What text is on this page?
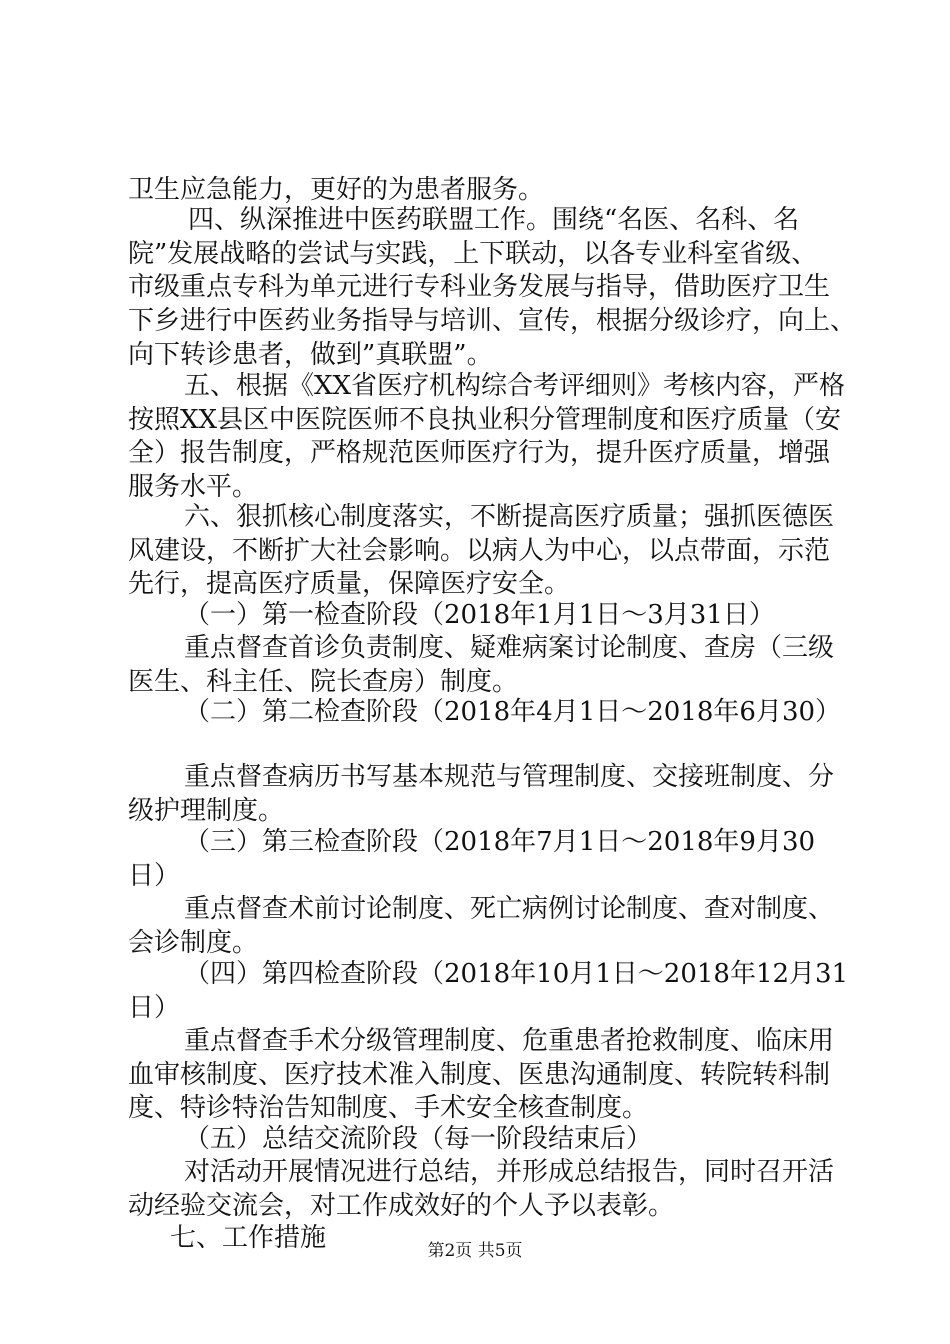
卫生应急能力，更好的为患者服务。
四、纵深推进中医药联盟工作。围绕“名医、名科、名
院”发展战略的尝试与实践，上下联动，以各专业科室省级、
市级重点专科为单元进行专科业务发展与指导，借助医疗卫生
下乡进行中医药业务指导与培训、宣传，根据分级诊疗，向上、
向下转诊患者，做到”真联盟”。
五、根据《XX省医疗机构综合考评细则》考核内容，严格
按照XX县区中医院医师不良执业积分管理制度和医疗质量（安
全）报告制度，严格规范医师医疗行为，提升医疗质量，增强
服务水平。
六、狠抓核心制度落实，不断提高医疗质量；强抓医德医
风建设，不断扩大社会影响。以病人为中心，以点带面，示范
先行，提高医疗质量，保障医疗安全。
（一）第一检查阶段（2018年1月1日～3月31日）
重点督查首诊负责制度、疑难病案讨论制度、查房（三级
医生、科主任、院长查房）制度。
（二）第二检查阶段（2018年4月1日～2018年6月30）
重点督查病历书写基本规范与管理制度、交接班制度、分
级护理制度。
（三）第三检查阶段（2018年7月1日～2018年9月30
日）
重点督查术前讨论制度、死亡病例讨论制度、查对制度、
会诊制度。
（四）第四检查阶段（2018年10月1日～2018年12月31
日）
重点督查手术分级管理制度、危重患者抢救制度、临床用
血审核制度、医疗技术准入制度、医患沟通制度、转院转科制
度、特诊特治告知制度、手术安全核查制度。
（五）总结交流阶段（每一阶段结束后）
对活动开展情况进行总结，并形成总结报告，同时召开活
动经验交流会，对工作成效好的个人予以表彰。
七、工作措施	第2页 共5页
